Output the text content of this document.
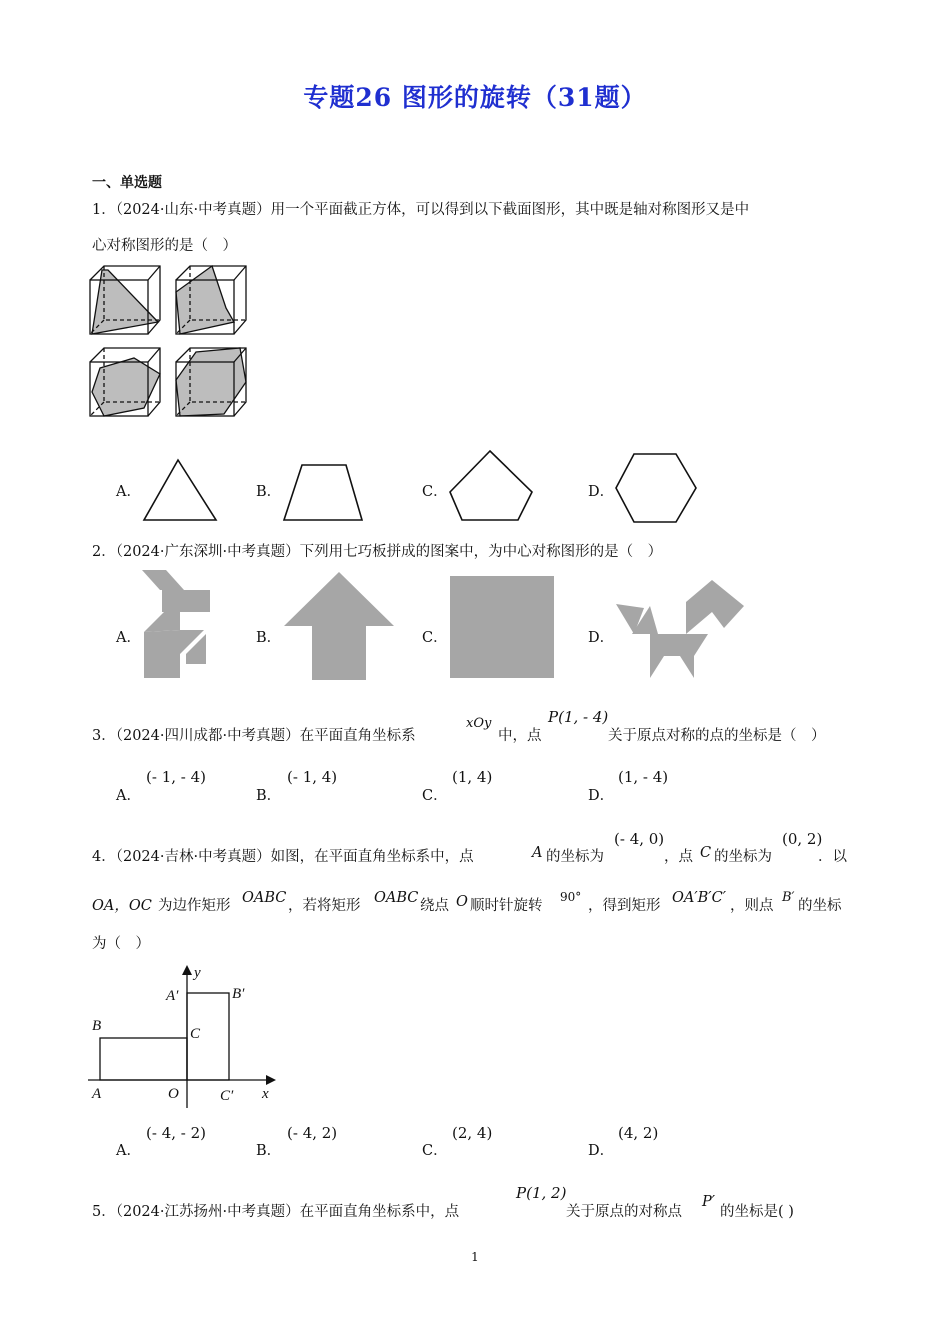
专题26 图形的旋转（31题）
一、单选题
1．（2024·山东·中考真题）用一个平面截正方体，可以得到以下截面图形，其中既是轴对称图形又是中
心对称图形的是（　）
A．	B．	C．	D．
2．（2024·广东深圳·中考真题）下列用七巧板拼成的图案中，为中心对称图形的是（　）
A．	B．	C．	D．
3．（2024·四川成都·中考真题）在平面直角坐标系
xOy
中，点
P(1, - 4)
关于原点对称的点的坐标是（　）
A．
(- 1, - 4)
B．
(- 1, 4)
C．
(1, 4)
D．
(1, - 4)
4．（2024·吉林·中考真题）如图，在平面直角坐标系中，点	A 的坐标为
(- 4, 0)
，点 C 的坐标为
(0, 2)
．以
OA，OC 为边作矩形 OABC ，若将矩形 OABC 绕点 O 顺时针旋转
90°
，得到矩形 OA′B′C′ ，则点
B′
的坐标
为（　）
y
x
A′	B′
B	C
A	O	C′
A．
(- 4, - 2)
B．
(- 4, 2)
C．
(2, 4)
D．
(4, 2)
5．（2024·江苏扬州·中考真题）在平面直角坐标系中，点
P(1, 2)
关于原点的对称点
P′
的坐标是( )
1
